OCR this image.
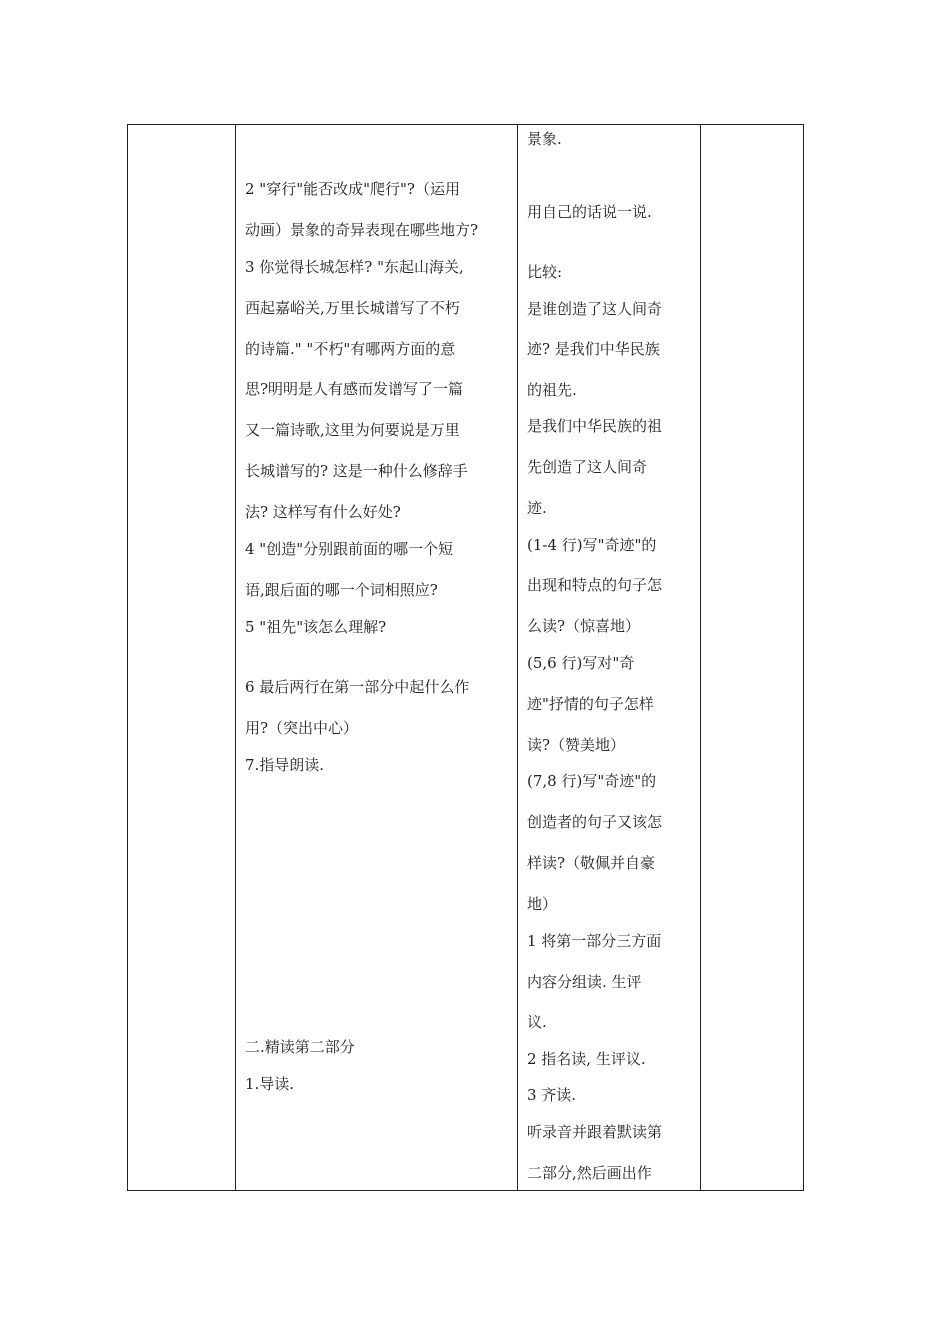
2 "穿行"能否改成"爬行"?（运用
动画）景象的奇异表现在哪些地方?
3 你觉得长城怎样? "东起山海关,
西起嘉峪关,万里长城谱写了不朽
的诗篇." "不朽"有哪两方面的意
思?明明是人有感而发谱写了一篇
又一篇诗歌,这里为何要说是万里
长城谱写的? 这是一种什么修辞手
法? 这样写有什么好处?
4 "创造"分别跟前面的哪一个短
语,跟后面的哪一个词相照应?
5 "祖先"该怎么理解?
6 最后两行在第一部分中起什么作
用?（突出中心）
7.指导朗读.
二.精读第二部分
1.导读.
景象.
用自己的话说一说.
比较:
是谁创造了这人间奇
迹? 是我们中华民族
的祖先.
是我们中华民族的祖
先创造了这人间奇
迹.
(1-4 行)写"奇迹"的
出现和特点的句子怎
么读?（惊喜地）
(5,6 行)写对"奇
迹"抒情的句子怎样
读?（赞美地）
(7,8 行)写"奇迹"的
创造者的句子又该怎
样读?（敬佩并自豪
地）
1 将第一部分三方面
内容分组读. 生评
议.
2 指名读, 生评议.
3 齐读.
听录音并跟着默读第
二部分,然后画出作
